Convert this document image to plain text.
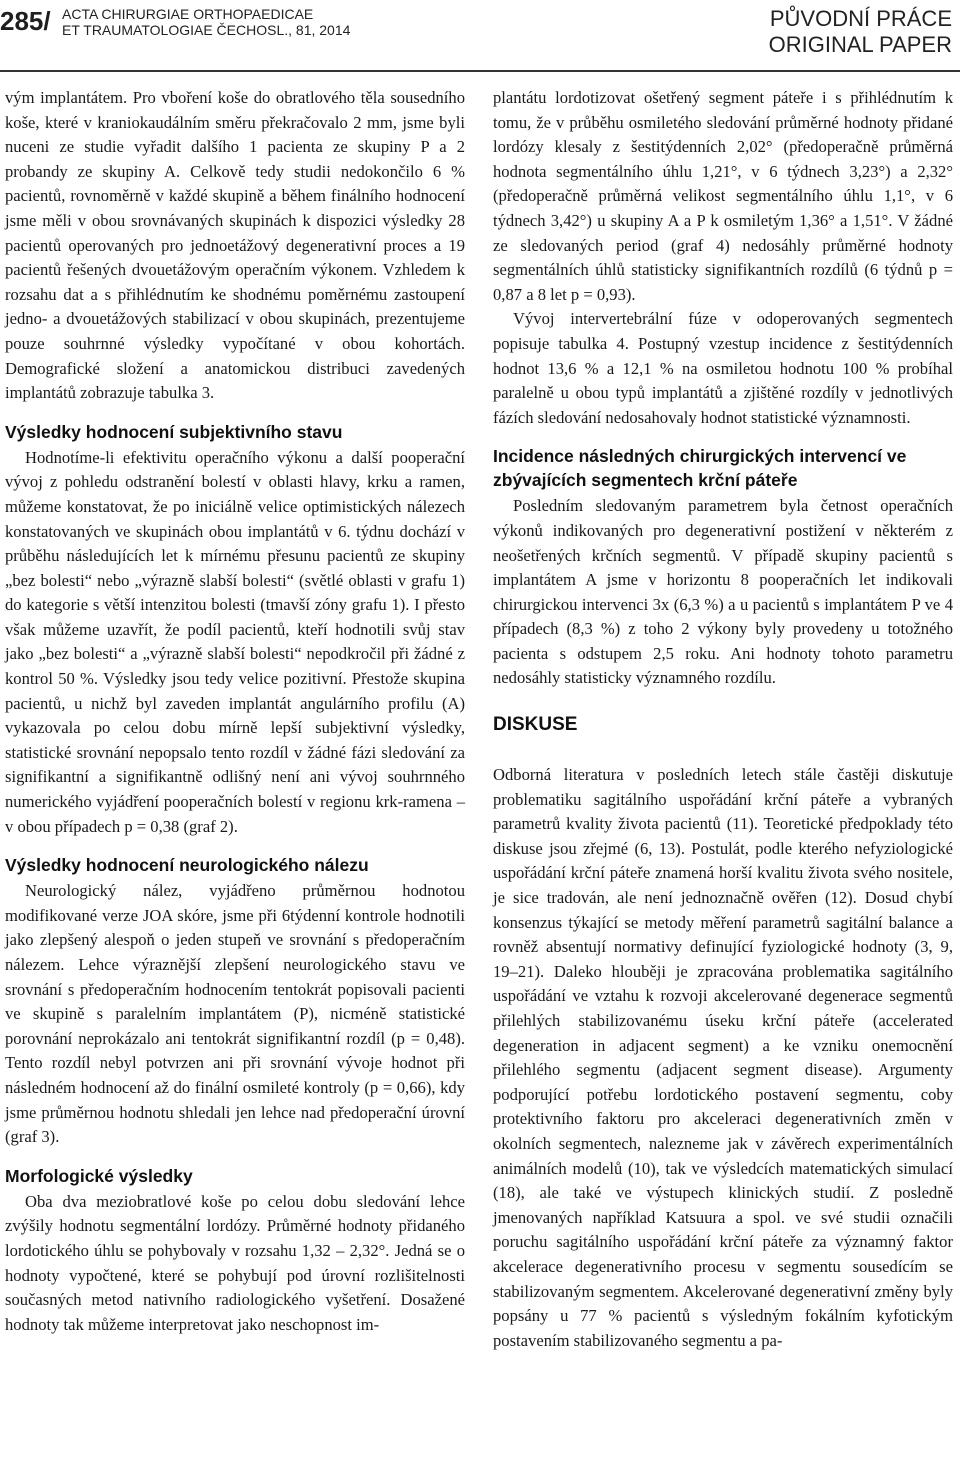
285/ ACTA CHIRURGIAE ORTHOPAEDICAE
ET TRAUMATOLOGIAE ČECHOSL., 81, 2014	PŮVODNÍ PRÁCE
ORIGINAL PAPER

vým implantátem. Pro vboření koše do obratlového těla sousedního koše, které v kraniokaudálním směru překračovalo 2 mm, jsme byli nuceni ze studie vyřadit dalšího 1 pacienta ze skupiny P a 2 probandy ze skupiny A. Celkově tedy studii nedokončilo 6 % pacientů, rovnoměrně v každé skupině a během finálního hodnocení jsme měli v obou srovnávaných skupinách k dispozici výsledky 28 pacientů operovaných pro jednoetážový degenerativní proces a 19 pacientů řešených dvouetážovým operačním výkonem. Vzhledem k rozsahu dat a s přihlédnutím ke shodnému poměrnému zastoupení jedno- a dvouetážových stabilizací v obou skupinách, prezentujeme pouze souhrnné výsledky vypočítané v obou kohortách. Demografické složení a anatomickou distribuci zavedených implantátů zobrazuje tabulka 3.

Výsledky hodnocení subjektivního stavu

Hodnotíme-li efektivitu operačního výkonu a další pooperační vývoj z pohledu odstranění bolestí v oblasti hlavy, krku a ramen, můžeme konstatovat, že po iniciálně velice optimistických nálezech konstatovaných ve skupinách obou implantátů v 6. týdnu dochází v průběhu následujících let k mírnému přesunu pacientů ze skupiny „bez bolesti“ nebo „výrazně slabší bolesti“ (světlé oblasti v grafu 1) do kategorie s větší intenzitou bolesti (tmavší zóny grafu 1). I přesto však můžeme uzavřít, že podíl pacientů, kteří hodnotili svůj stav jako „bez bolesti“ a „výrazně slabší bolesti“ nepodkročil při žádné z kontrol 50 %. Výsledky jsou tedy velice pozitivní. Přestože skupina pacientů, u nichž byl zaveden implantát angulárního profilu (A) vykazovala po celou dobu mírně lepší subjektivní výsledky, statistické srovnání nepopsalo tento rozdíl v žádné fázi sledování za signifikantní a signifikantně odlišný není ani vývoj souhrnného numerického vyjádření pooperačních bolestí v regionu krk-ramena – v obou případech p = 0,38 (graf 2).

Výsledky hodnocení neurologického nálezu

Neurologický nález, vyjádřeno průměrnou hodnotou modifikované verze JOA skóre, jsme při 6týdenní kontrole hodnotili jako zlepšený alespoň o jeden stupeň ve srovnání s předoperačním nálezem. Lehce výraznější zlepšení neurologického stavu ve srovnání s předoperačním hodnocením tentokrát popisovali pacienti ve skupině s paralelním implantátem (P), nicméně statistické porovnání neprokázalo ani tentokrát signifikantní rozdíl (p = 0,48). Tento rozdíl nebyl potvrzen ani při srovnání vývoje hodnot při následném hodnocení až do finální osmileté kontroly (p = 0,66), kdy jsme průměrnou hodnotu shledali jen lehce nad předoperační úrovní (graf 3).

Morfologické výsledky

Oba dva meziobratlové koše po celou dobu sledování lehce zvýšily hodnotu segmentální lordózy. Průměrné hodnoty přidaného lordotického úhlu se pohybovaly v rozsahu 1,32 – 2,32°. Jedná se o hodnoty vypočtené, které se pohybují pod úrovní rozlišitelnosti současných metod nativního radiologického vyšetření. Dosažené hodnoty tak můžeme interpretovat jako neschopnost im-

plantátu lordotizovat ošetřený segment páteře i s přihlédnutím k tomu, že v průběhu osmiletého sledování průměrné hodnoty přidané lordózy klesaly z šestitýdenních 2,02° (předoperačně průměrná hodnota segmentálního úhlu 1,21°, v 6 týdnech 3,23°) a 2,32° (předoperačně průměrná velikost segmentálního úhlu 1,1°, v 6 týdnech 3,42°) u skupiny A a P k osmiletým 1,36° a 1,51°. V žádné ze sledovaných period (graf 4) nedosáhly průměrné hodnoty segmentálních úhlů statisticky signifikantních rozdílů (6 týdnů p = 0,87 a 8 let p = 0,93).

Vývoj intervertebrální fúze v odoperovaných segmentech popisuje tabulka 4. Postupný vzestup incidence z šestitýdenních hodnot 13,6 % a 12,1 % na osmiletou hodnotu 100 % probíhal paralelně u obou typů implantátů a zjištěné rozdíly v jednotlivých fázích sledování nedosahovaly hodnot statistické významnosti.

Incidence následných chirurgických intervencí ve zbývajících segmentech krční páteře

Posledním sledovaným parametrem byla četnost operačních výkonů indikovaných pro degenerativní postižení v některém z neošetřených krčních segmentů. V případě skupiny pacientů s implantátem A jsme v horizontu 8 pooperačních let indikovali chirurgickou intervenci 3x (6,3 %) a u pacientů s implantátem P ve 4 případech (8,3 %) z toho 2 výkony byly provedeny u totožného pacienta s odstupem 2,5 roku. Ani hodnoty tohoto parametru nedosáhly statisticky významného rozdílu.

DISKUSE

Odborná literatura v posledních letech stále častěji diskutuje problematiku sagitálního uspořádání krční páteře a vybraných parametrů kvality života pacientů (11). Teoretické předpoklady této diskuse jsou zřejmé (6, 13). Postulát, podle kterého nefyziologické uspořádání krční páteře znamená horší kvalitu života svého nositele, je sice tradován, ale není jednoznačně ověřen (12). Dosud chybí konsenzus týkající se metody měření parametrů sagitální balance a rovněž absentují normativy definující fyziologické hodnoty (3, 9, 19–21). Daleko hlouběji je zpracována problematika sagitálního uspořádání ve vztahu k rozvoji akcelerované degenerace segmentů přilehlých stabilizovanému úseku krční páteře (accelerated degeneration in adjacent segment) a ke vzniku onemocnění přilehlého segmentu (adjacent segment disease). Argumenty podporující potřebu lordotického postavení segmentu, coby protektivního faktoru pro akceleraci degenerativních změn v okolních segmentech, nalezneme jak v závěrech experimentálních animálních modelů (10), tak ve výsledcích matematických simulací (18), ale také ve výstupech klinických studií. Z posledně jmenovaných například Katsuura a spol. ve své studii označili poruchu sagitálního uspořádání krční páteře za významný faktor akcelerace degenerativního procesu v segmentu sousedícím se stabilizovaným segmentem. Akcelerované degenerativní změny byly popsány u 77 % pacientů s výsledným fokálním kyfotickým postavením stabilizovaného segmentu a pa-
